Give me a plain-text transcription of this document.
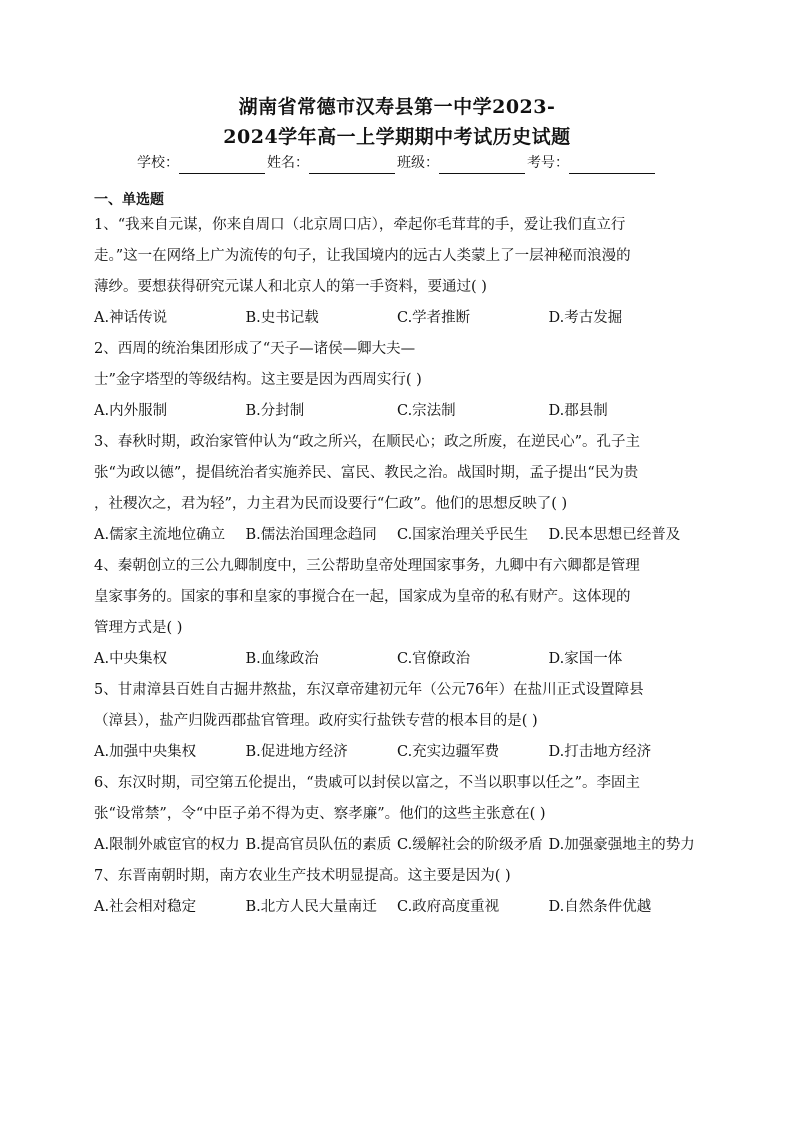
湖南省常德市汉寿县第一中学2023-
2024学年高一上学期期中考试历史试题
学校：	姓名：	班级：	考号：
一、单选题
1、“我来自元谋，你来自周口（北京周口店），牵起你毛茸茸的手，爱让我们直立行
走。”这一在网络上广为流传的句子，让我国境内的远古人类蒙上了一层神秘而浪漫的
薄纱。要想获得研究元谋人和北京人的第一手资料，要通过( )
A.神话传说	B.史书记载	C.学者推断	D.考古发掘
2、西周的统治集团形成了“天子—诸侯—卿大夫—
士”金字塔型的等级结构。这主要是因为西周实行( )
A.内外服制	B.分封制	C.宗法制	D.郡县制
3、春秋时期，政治家管仲认为“政之所兴，在顺民心；政之所废，在逆民心”。孔子主
张“为政以德”，提倡统治者实施养民、富民、教民之治。战国时期，孟子提出“民为贵
，社稷次之，君为轻”，力主君为民而设要行“仁政”。他们的思想反映了( )
A.儒家主流地位确立	B.儒法治国理念趋同	C.国家治理关乎民生	D.民本思想已经普及
4、秦朝创立的三公九卿制度中，三公帮助皇帝处理国家事务，九卿中有六卿都是管理
皇家事务的。国家的事和皇家的事搅合在一起，国家成为皇帝的私有财产。这体现的
管理方式是( )
A.中央集权	B.血缘政治	C.官僚政治	D.家国一体
5、甘肃漳县百姓自古掘井熬盐，东汉章帝建初元年（公元76年）在盐川正式设置障县
（漳县），盐产归陇西郡盐官管理。政府实行盐铁专营的根本目的是( )
A.加强中央集权	B.促进地方经济	C.充实边疆军费	D.打击地方经济
6、东汉时期，司空第五伦提出，“贵戚可以封侯以富之，不当以职事以任之”。李固主
张“设常禁”，令“中臣子弟不得为吏、察孝廉”。他们的这些主张意在( )
A.限制外戚宦官的权力 B.提高官员队伍的素质 C.缓解社会的阶级矛盾 D.加强豪强地主的势力
7、东晋南朝时期，南方农业生产技术明显提高。这主要是因为( )
A.社会相对稳定	B.北方人民大量南迁	C.政府高度重视	D.自然条件优越
